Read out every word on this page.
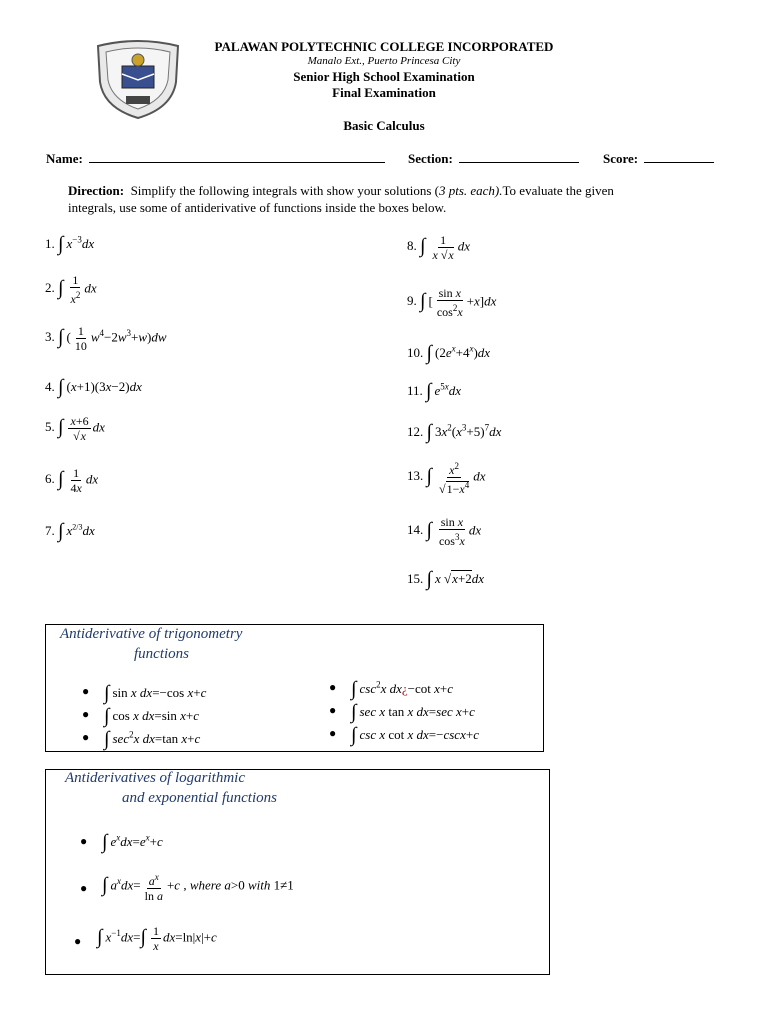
PALAWAN POLYTECHNIC COLLEGE INCORPORATED
Manalo Ext., Puerto Princesa City
Senior High School Examination
Final Examination
Basic Calculus
Name:	Section:	Score:
Direction: Simplify the following integrals with show your solutions (3 pts. each).To evaluate the given
integrals, use some of antiderivative of functions inside the boxes below.
1. ∫ $x^{-3}dx$
2. ∫ $\frac{1}{x^2}$ dx
3. ∫ ( $\frac{1}{10} w^4-2w^3+w)dw$
4. ∫ (x+1)(3x−2)dx
5. ∫ $\frac{x+6}{√x}$ dx
6. ∫ $\frac{1}{4x}$ dx
7. ∫ $x^{2/3}dx$
8. ∫ $\frac{1}{x √x}$ dx
9. ∫ [ $\frac{\text{sin x}}{\cos^2x} +x]dx$
10. ∫ $(2e^x+4^x)dx$
11. ∫ $e^{5x}dx$
12. ∫ $3x^2(x^3+5)^7dx$
13. ∫ $\frac{x^2}{√1-x^4}$ dx
14. ∫ $\frac{\text{sin x}}{\cos^3x}$ dx
15. ∫ x √x+2dx
Antiderivative of trigonometry
functions
● ∫ sin x dx=−cos x+c
● ∫ cos x dx=sin x+c
● ∫ $\sec^2x$ dx=tan x+c
● ∫ $\csc^2x$ dx¿−cot x+c
● ∫ sec x tan x dx=sec x+c
● ∫ csc x cot x dx=−cscx+c
Antiderivatives of logarithmic
and exponential functions
● ∫ $e^xdx=e^x+c$
● ∫ $a^xdx= \frac{a^x}{\text{ln a}} +c$ , where a>0 with 1≠1
● ∫ $x^{-1}dx=\int \frac{1}{x} dx=\ln|x|+c$
